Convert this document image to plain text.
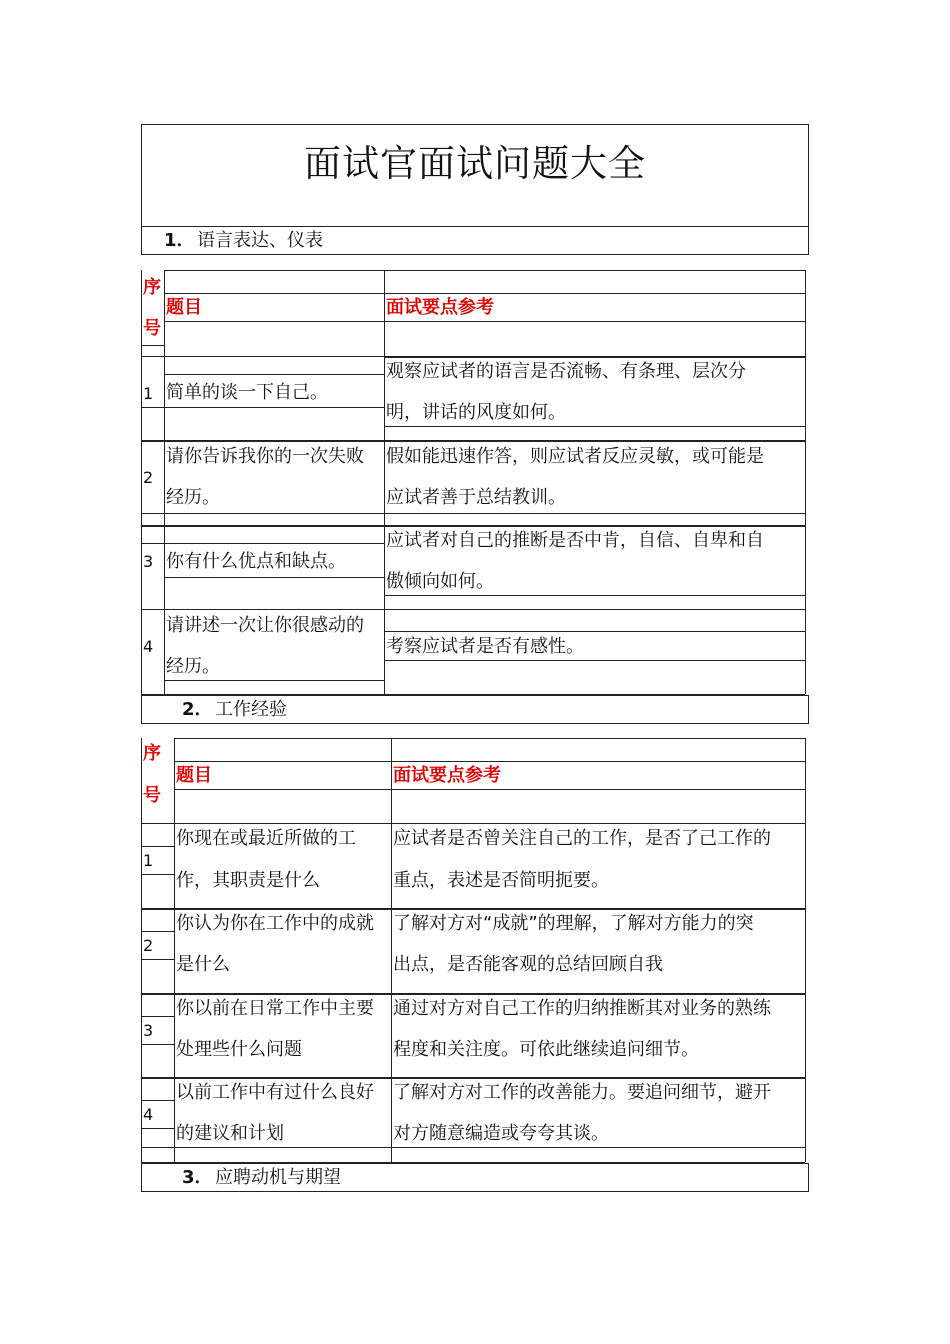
面试官面试问题大全
1． 语言表达、仪表
序
号
题目	面试要点参考
1 简单的谈一下自己。
观察应试者的语言是否流畅、有条理、层次分
明，讲话的风度如何。
2
请你告诉我你的一次失败
经历。
假如能迅速作答，则应试者反应灵敏，或可能是
应试者善于总结教训。
3 你有什么优点和缺点。
应试者对自己的推断是否中肯，自信、自卑和自
傲倾向如何。
4
请讲述一次让你很感动的
经历。
考察应试者是否有感性。
2． 工作经验
序
号
题目	面试要点参考
1
你现在或最近所做的工
作，其职责是什么
应试者是否曾关注自己的工作，是否了己工作的
重点，表述是否简明扼要。
2
你认为你在工作中的成就
是什么
了解对方对“成就”的理解，了解对方能力的突
出点，是否能客观的总结回顾自我
3
你以前在日常工作中主要
处理些什么问题
通过对方对自己工作的归纳推断其对业务的熟练
程度和关注度。可依此继续追问细节。
4
以前工作中有过什么良好
的建议和计划
了解对方对工作的改善能力。要追问细节，避开
对方随意编造或夸夸其谈。
3． 应聘动机与期望
